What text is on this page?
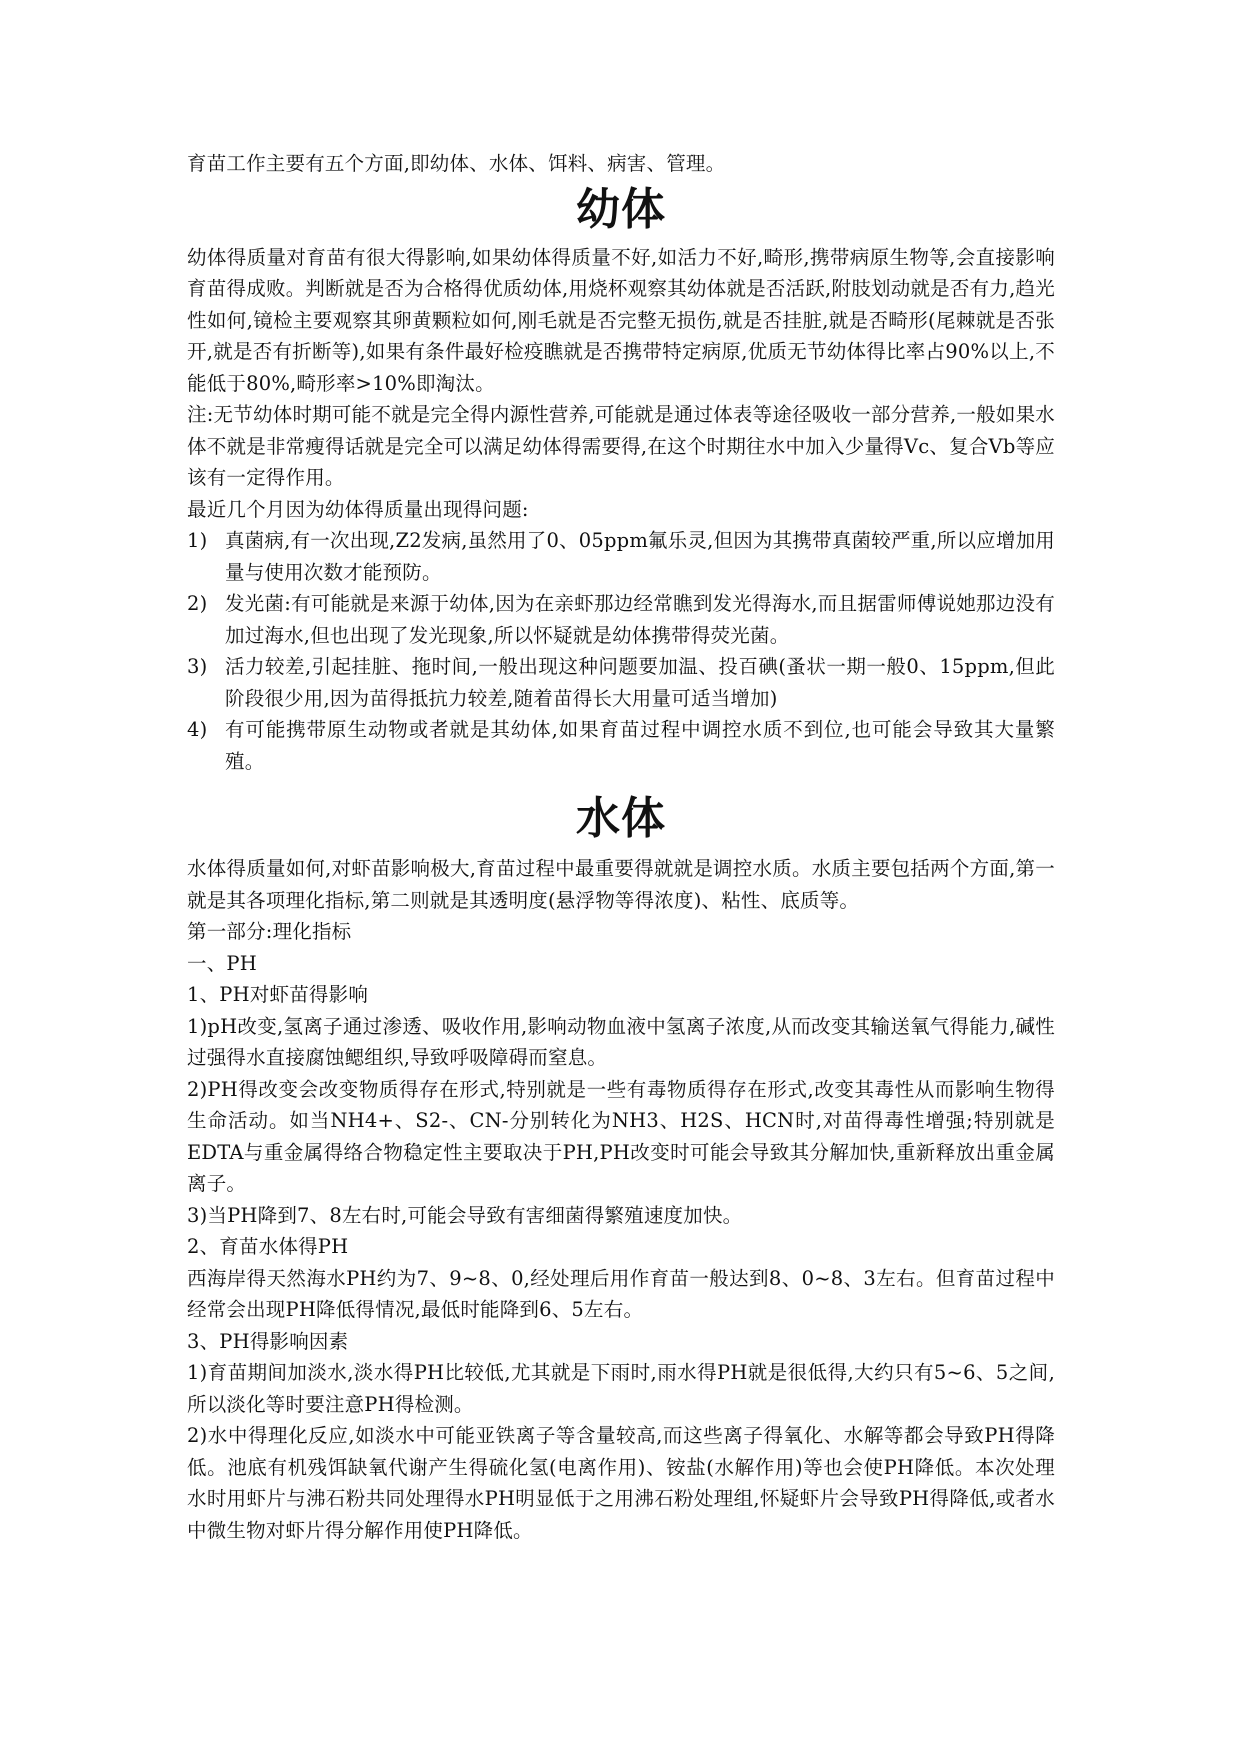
育苗工作主要有五个方面,即幼体、水体、饵料、病害、管理。

幼体

幼体得质量对育苗有很大得影响,如果幼体得质量不好,如活力不好,畸形,携带病原生物等,会直接影响育苗得成败。判断就是否为合格得优质幼体,用烧杯观察其幼体就是否活跃,附肢划动就是否有力,趋光性如何,镜检主要观察其卵黄颗粒如何,刚毛就是否完整无损伤,就是否挂脏,就是否畸形(尾棘就是否张开,就是否有折断等),如果有条件最好检疫瞧就是否携带特定病原,优质无节幼体得比率占90%以上,不能低于80%,畸形率>10%即淘汰。

注:无节幼体时期可能不就是完全得内源性营养,可能就是通过体表等途径吸收一部分营养,一般如果水体不就是非常瘦得话就是完全可以满足幼体得需要得,在这个时期往水中加入少量得Vc、复合Vb等应该有一定得作用。

最近几个月因为幼体得质量出现得问题:

1) 真菌病,有一次出现,Z2发病,虽然用了0、05ppm氟乐灵,但因为其携带真菌较严重,所以应增加用量与使用次数才能预防。
2) 发光菌:有可能就是来源于幼体,因为在亲虾那边经常瞧到发光得海水,而且据雷师傅说她那边没有加过海水,但也出现了发光现象,所以怀疑就是幼体携带得荧光菌。
3) 活力较差,引起挂脏、拖时间,一般出现这种问题要加温、投百碘(蚤状一期一般0、15ppm,但此阶段很少用,因为苗得抵抗力较差,随着苗得长大用量可适当增加)
4) 有可能携带原生动物或者就是其幼体,如果育苗过程中调控水质不到位,也可能会导致其大量繁殖。
水体

水体得质量如何,对虾苗影响极大,育苗过程中最重要得就就是调控水质。水质主要包括两个方面,第一就是其各项理化指标,第二则就是其透明度(悬浮物等得浓度)、粘性、底质等。

第一部分:理化指标

一、PH

1、PH对虾苗得影响

1)pH改变,氢离子通过渗透、吸收作用,影响动物血液中氢离子浓度,从而改变其输送氧气得能力,碱性过强得水直接腐蚀鳃组织,导致呼吸障碍而窒息。

2)PH得改变会改变物质得存在形式,特别就是一些有毒物质得存在形式,改变其毒性从而影响生物得生命活动。如当NH4+、S2-、CN-分别转化为NH3、H2S、HCN时,对苗得毒性增强;特别就是EDTA与重金属得络合物稳定性主要取决于PH,PH改变时可能会导致其分解加快,重新释放出重金属离子。

3)当PH降到7、8左右时,可能会导致有害细菌得繁殖速度加快。

2、育苗水体得PH

西海岸得天然海水PH约为7、9~8、0,经处理后用作育苗一般达到8、0~8、3左右。但育苗过程中经常会出现PH降低得情况,最低时能降到6、5左右。

3、PH得影响因素

1)育苗期间加淡水,淡水得PH比较低,尤其就是下雨时,雨水得PH就是很低得,大约只有5~6、5之间,所以淡化等时要注意PH得检测。

2)水中得理化反应,如淡水中可能亚铁离子等含量较高,而这些离子得氧化、水解等都会导致PH得降低。池底有机残饵缺氧代谢产生得硫化氢(电离作用)、铵盐(水解作用)等也会使PH降低。本次处理水时用虾片与沸石粉共同处理得水PH明显低于之用沸石粉处理组,怀疑虾片会导致PH得降低,或者水中微生物对虾片得分解作用使PH降低。
